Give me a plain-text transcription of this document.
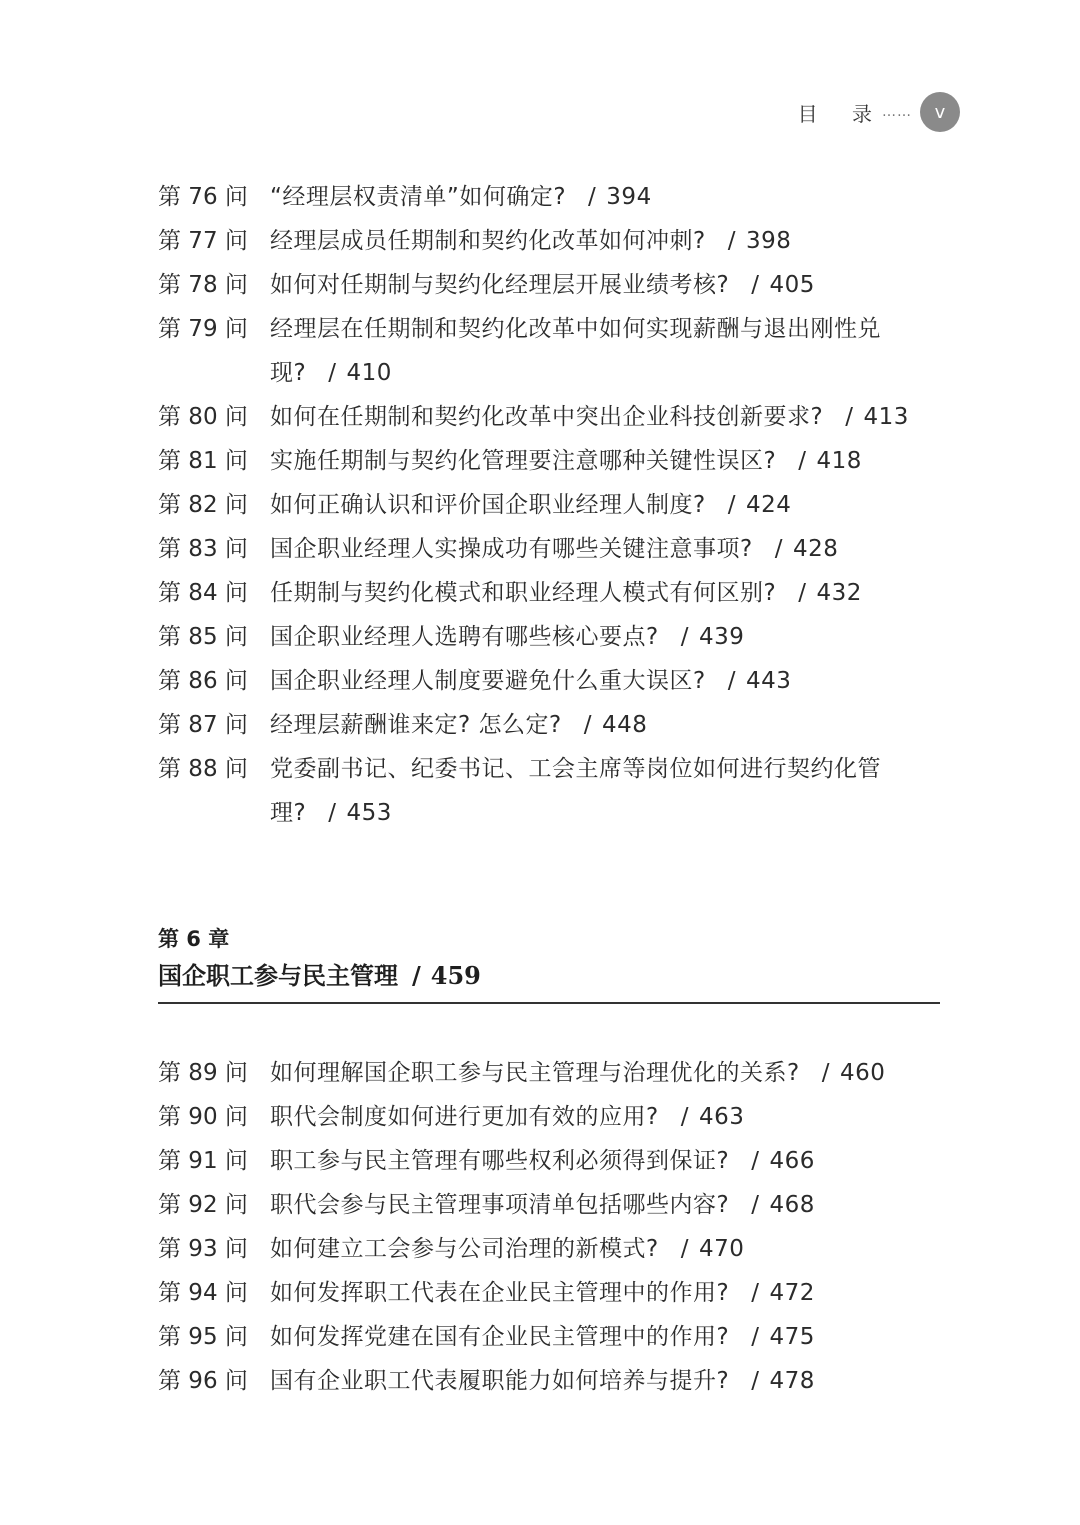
目 录
……	v
第 76 问 “经理层权责清单”如何确定? / 394
第 77 问 经理层成员任期制和契约化改革如何冲刺? / 398
第 78 问 如何对任期制与契约化经理层开展业绩考核? / 405
第 79 问 经理层在任期制和契约化改革中如何实现薪酬与退出刚性兑现? / 410
第 80 问 如何在任期制和契约化改革中突出企业科技创新要求? / 413
第 81 问 实施任期制与契约化管理要注意哪种关键性误区? / 418
第 82 问 如何正确认识和评价国企职业经理人制度? / 424
第 83 问 国企职业经理人实操成功有哪些关键注意事项? / 428
第 84 问 任期制与契约化模式和职业经理人模式有何区别? / 432
第 85 问 国企职业经理人选聘有哪些核心要点? / 439
第 86 问 国企职业经理人制度要避免什么重大误区? / 443
第 87 问 经理层薪酬谁来定? 怎么定? / 448
第 88 问 党委副书记、纪委书记、工会主席等岗位如何进行契约化管理? / 453
第 6 章
国企职工参与民主管理 / 459
第 89 问 如何理解国企职工参与民主管理与治理优化的关系? / 460
第 90 问 职代会制度如何进行更加有效的应用? / 463
第 91 问 职工参与民主管理有哪些权利必须得到保证? / 466
第 92 问 职代会参与民主管理事项清单包括哪些内容? / 468
第 93 问 如何建立工会参与公司治理的新模式? / 470
第 94 问 如何发挥职工代表在企业民主管理中的作用? / 472
第 95 问 如何发挥党建在国有企业民主管理中的作用? / 475
第 96 问 国有企业职工代表履职能力如何培养与提升? / 478
